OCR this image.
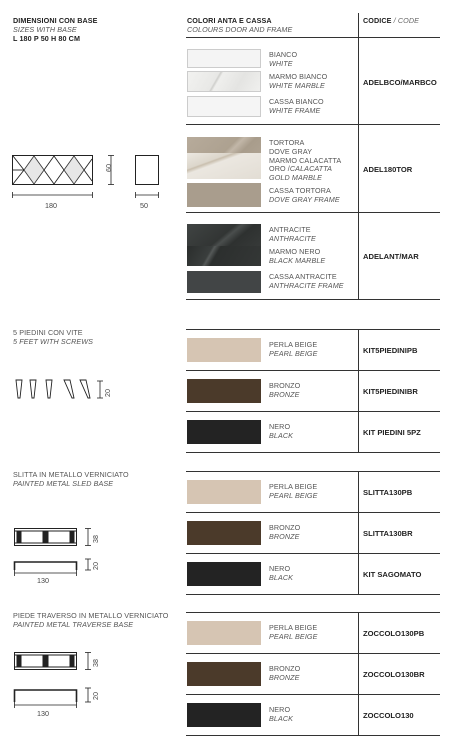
DIMENSIONI CON BASE
SIZES WITH BASE
L 180 P 50 H 80 CM
COLORI ANTA E CASSA
COLOURS DOOR AND FRAME
CODICE / CODE
180	50
60
BIANCO
WHITE
MARMO BIANCO
WHITE MARBLE
CASSA BIANCO
WHITE FRAME
ADELBCO/MARBCO
TORTORA
DOVE GRAY
MARMO CALACATTA ORO /CALACATTA GOLD MARBLE
CASSA TORTORA
DOVE GRAY FRAME
ADEL180TOR
ANTRACITE
ANTHRACITE
MARMO NERO
BLACK MARBLE
CASSA ANTRACITE
ANTHRACITE FRAME
ADELANT/MAR
5 PIEDINI CON VITE
5 FEET WITH SCREWS
20
PERLA BEIGE
PEARL BEIGE
BRONZO
BRONZE
NERO
BLACK
KIT5PIEDINIPB
KIT5PIEDINIBR
KIT PIEDINI 5PZ
SLITTA IN METALLO VERNICIATO
PAINTED METAL SLED BASE
38
20
130
PERLA BEIGE
PEARL BEIGE
BRONZO
BRONZE
NERO
BLACK
SLITTA130PB
SLITTA130BR
KIT SAGOMATO
PIEDE TRAVERSO IN METALLO VERNICIATO
PAINTED METAL TRAVERSE BASE
38
20
130
PERLA BEIGE
PEARL BEIGE
BRONZO
BRONZE
NERO
BLACK
ZOCCOLO130PB
ZOCCOLO130BR
ZOCCOLO130
